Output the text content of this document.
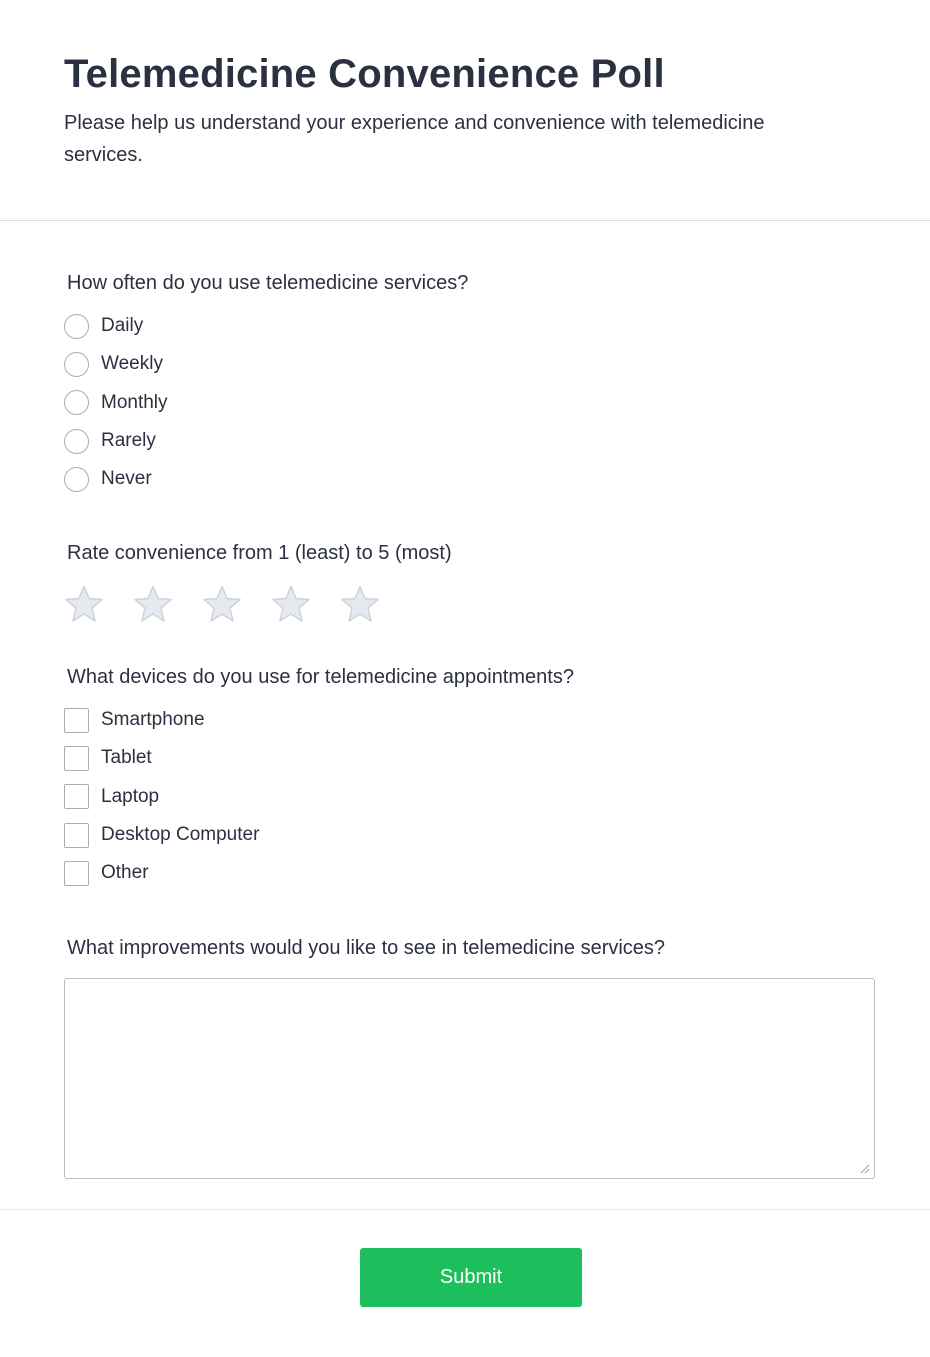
Telemedicine Convenience Poll

Please help us understand your experience and convenience with telemedicine services.

How often do you use telemedicine services?
Daily
Weekly
Monthly
Rarely
Never
Rate convenience from 1 (least) to 5 (most)
What devices do you use for telemedicine appointments?
Smartphone
Tablet
Laptop
Desktop Computer
Other
What improvements would you like to see in telemedicine services?
Submit
